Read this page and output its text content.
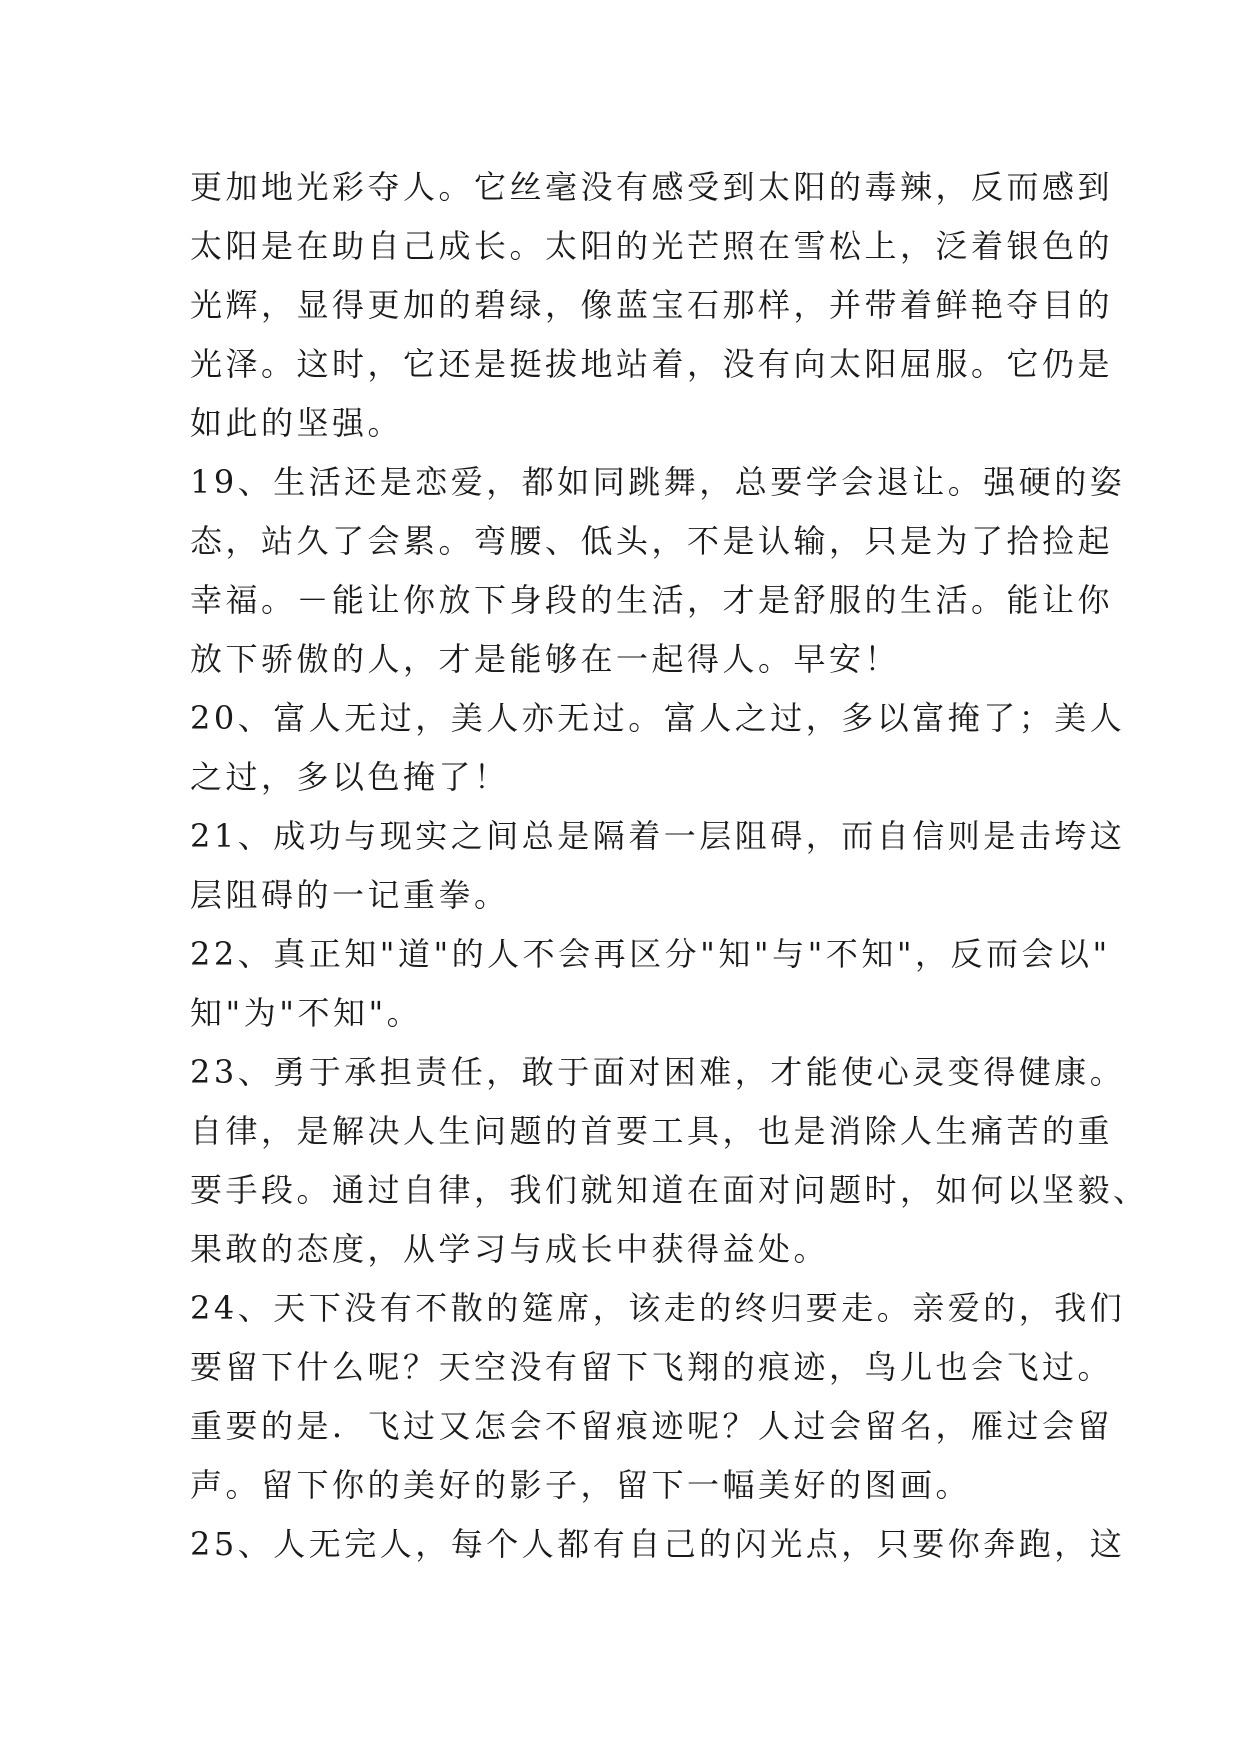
更加地光彩夺人。它丝毫没有感受到太阳的毒辣，反而感到
太阳是在助自己成长。太阳的光芒照在雪松上，泛着银色的
光辉，显得更加的碧绿，像蓝宝石那样，并带着鲜艳夺目的
光泽。这时，它还是挺拔地站着，没有向太阳屈服。它仍是
如此的坚强。
19、生活还是恋爱，都如同跳舞，总要学会退让。强硬的姿
态，站久了会累。弯腰、低头，不是认输，只是为了拾捡起
幸福。－能让你放下身段的生活，才是舒服的生活。能让你
放下骄傲的人，才是能够在一起得人。早安！
20、富人无过，美人亦无过。富人之过，多以富掩了；美人
之过，多以色掩了！
21、成功与现实之间总是隔着一层阻碍，而自信则是击垮这
层阻碍的一记重拳。
22、真正知"道"的人不会再区分"知"与"不知"，反而会以"
知"为"不知"。
23、勇于承担责任，敢于面对困难，才能使心灵变得健康。
自律，是解决人生问题的首要工具，也是消除人生痛苦的重
要手段。通过自律，我们就知道在面对问题时，如何以坚毅、
果敢的态度，从学习与成长中获得益处。
24、天下没有不散的筵席，该走的终归要走。亲爱的，我们
要留下什么呢？天空没有留下飞翔的痕迹，鸟儿也会飞过。
重要的是．飞过又怎会不留痕迹呢？人过会留名，雁过会留
声。留下你的美好的影子，留下一幅美好的图画。
25、人无完人，每个人都有自己的闪光点，只要你奔跑，这
